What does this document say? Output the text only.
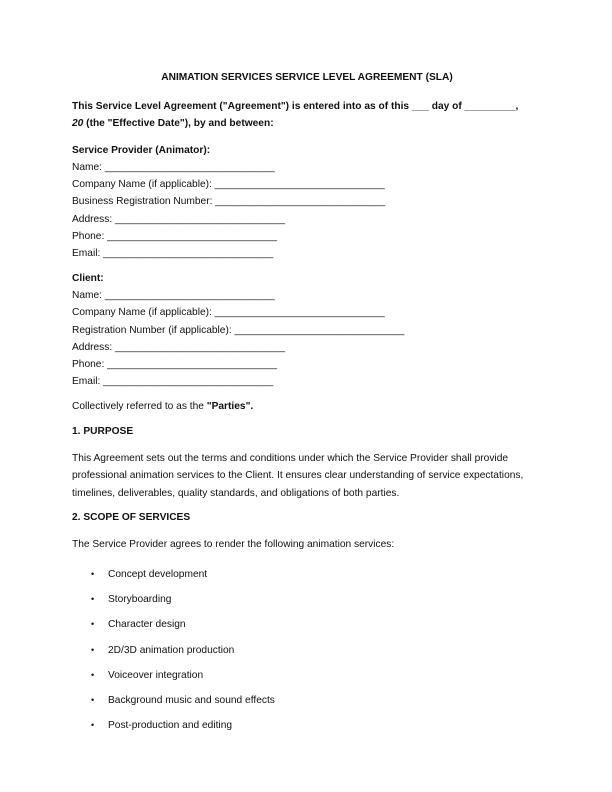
ANIMATION SERVICES SERVICE LEVEL AGREEMENT (SLA)

This Service Level Agreement ("Agreement") is entered into as of this ___ day of _________,
20 (the "Effective Date"), by and between:

Service Provider (Animator):

Name: ______________________________

Company Name (if applicable): ______________________________

Business Registration Number: ______________________________

Address: ______________________________

Phone: ______________________________

Email: ______________________________

Client:

Name: ______________________________

Company Name (if applicable): ______________________________

Registration Number (if applicable): ______________________________

Address: ______________________________

Phone: ______________________________

Email: ______________________________

Collectively referred to as the "Parties".

1. PURPOSE

This Agreement sets out the terms and conditions under which the Service Provider shall provide professional animation services to the Client. It ensures clear understanding of service expectations, timelines, deliverables, quality standards, and obligations of both parties.

2. SCOPE OF SERVICES

The Service Provider agrees to render the following animation services:

• Concept development
• Storyboarding
• Character design
• 2D/3D animation production
• Voiceover integration
• Background music and sound effects
• Post-production and editing
